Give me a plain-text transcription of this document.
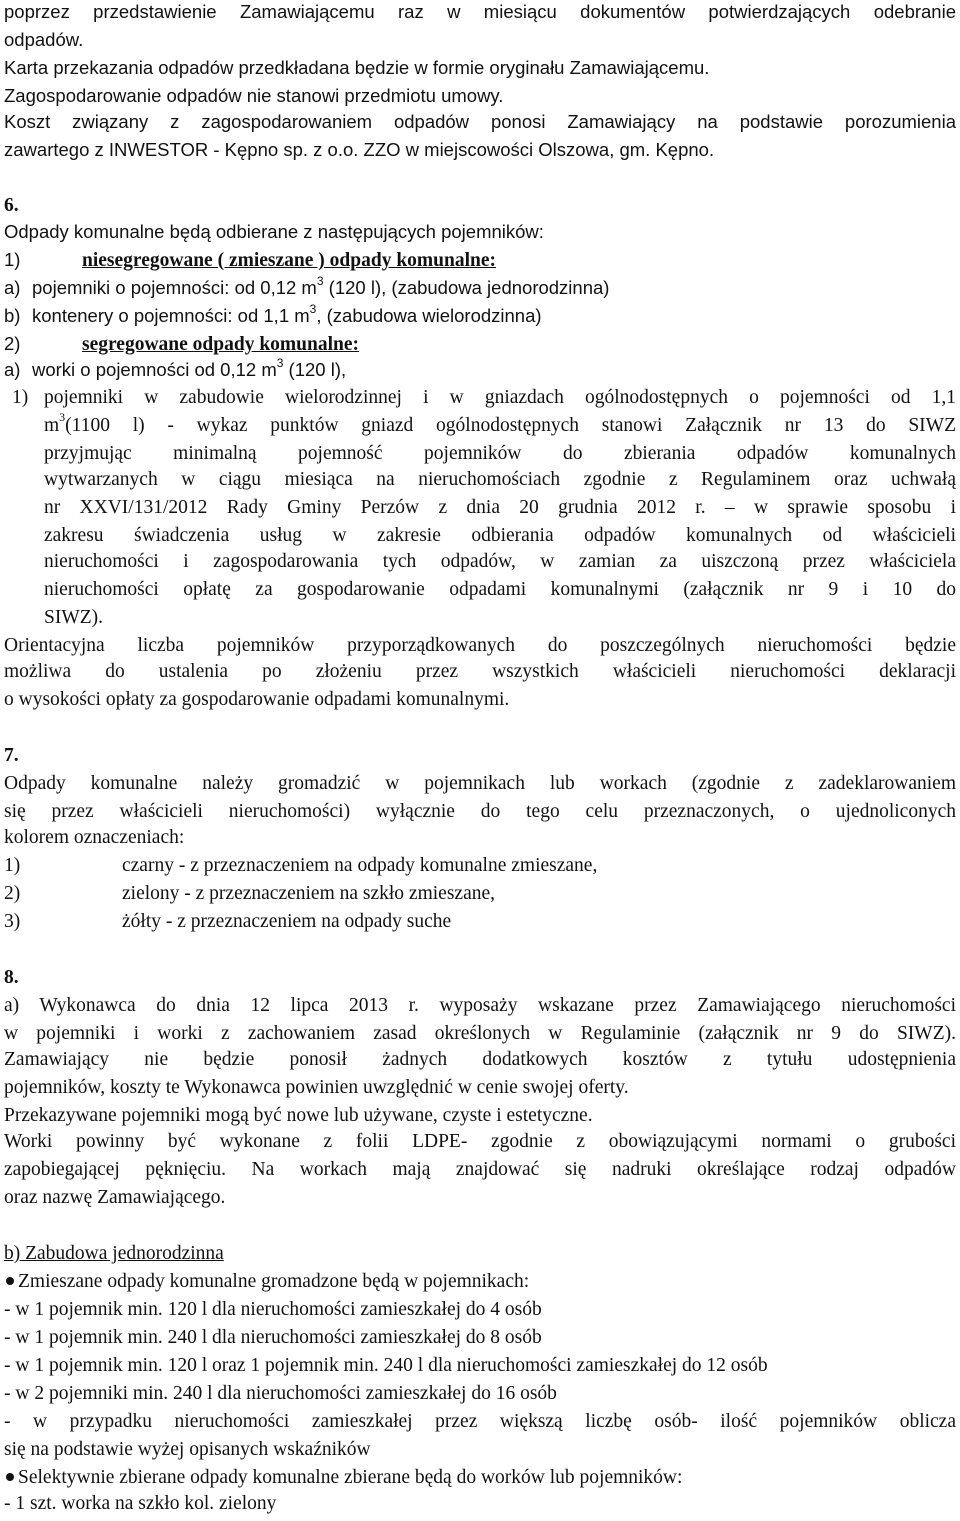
poprzez przedstawienie Zamawiającemu raz w miesiącu dokumentów potwierdzających odebranie
odpadów.
Karta przekazania odpadów przedkładana będzie w formie oryginału Zamawiającemu.
Zagospodarowanie odpadów nie stanowi przedmiotu umowy.
Koszt związany z zagospodarowaniem odpadów ponosi Zamawiający na podstawie porozumienia
zawartego z INWESTOR - Kępno sp. z o.o. ZZO w miejscowości Olszowa, gm. Kępno.
6.
Odpady komunalne będą odbierane z następujących pojemników:
1)	niesegregowane ( zmieszane ) odpady komunalne:
a) pojemniki o pojemności: od 0,12 $m^3$ (120 l), (zabudowa jednorodzinna)
b) kontenery o pojemności: od 1,1 $m^3$, (zabudowa wielorodzinna)
2)	segregowane odpady komunalne:
a) worki o pojemności od 0,12 $m^3$ (120 l),
1) pojemniki w zabudowie wielorodzinnej i w gniazdach ogólnodostępnych o pojemności od 1,1
m 3 (1100 l) - wykaz punktów gniazd ogólnodostępnych stanowi Załącznik nr 13 do SIWZ
przyjmując minimalną pojemność pojemników do zbierania odpadów komunalnych
wytwarzanych w ciągu miesiąca na nieruchomościach zgodnie z Regulaminem oraz uchwałą
nr XXVI/131/2012 Rady Gminy Perzów z dnia 20 grudnia 2012 r. – w sprawie sposobu i
zakresu świadczenia usług w zakresie odbierania odpadów komunalnych od właścicieli
nieruchomości i zagospodarowania tych odpadów, w zamian za uiszczoną przez właściciela
nieruchomości opłatę za gospodarowanie odpadami komunalnymi (załącznik nr 9 i 10 do
SIWZ).
Orientacyjna liczba pojemników przyporządkowanych do poszczególnych nieruchomości będzie
możliwa do ustalenia po złożeniu przez wszystkich właścicieli nieruchomości deklaracji
o wysokości opłaty za gospodarowanie odpadami komunalnymi.
7.
Odpady komunalne należy gromadzić w pojemnikach lub workach (zgodnie z zadeklarowaniem
się przez właścicieli nieruchomości) wyłącznie do tego celu przeznaczonych, o ujednoliconych
kolorem oznaczeniach:
1)	czarny - z przeznaczeniem na odpady komunalne zmieszane,
2)	zielony - z przeznaczeniem na szkło zmieszane,
3)	żółty - z przeznaczeniem na odpady suche
8.
a) Wykonawca do dnia 12 lipca 2013 r. wyposaży wskazane przez Zamawiającego nieruchomości
w pojemniki i worki z zachowaniem zasad określonych w Regulaminie (załącznik nr 9 do SIWZ).
Zamawiający nie będzie ponosił żadnych dodatkowych kosztów z tytułu udostępnienia
pojemników, koszty te Wykonawca powinien uwzględnić w cenie swojej oferty.
Przekazywane pojemniki mogą być nowe lub używane, czyste i estetyczne.
Worki powinny być wykonane z folii LDPE- zgodnie z obowiązującymi normami o grubości
zapobiegającej pęknięciu. Na workach mają znajdować się nadruki określające rodzaj odpadów
oraz nazwę Zamawiającego.
b) Zabudowa jednorodzinna
Zmieszane odpady komunalne gromadzone będą w pojemnikach:
- w 1 pojemnik min. 120 l dla nieruchomości zamieszkałej do 4 osób
- w 1 pojemnik min. 240 l dla nieruchomości zamieszkałej do 8 osób
- w 1 pojemnik min. 120 l oraz 1 pojemnik min. 240 l dla nieruchomości zamieszkałej do 12 osób
- w 2 pojemniki min. 240 l dla nieruchomości zamieszkałej do 16 osób
- w przypadku nieruchomości zamieszkałej przez większą liczbę osób- ilość pojemników oblicza
się na podstawie wyżej opisanych wskaźników
Selektywnie zbierane odpady komunalne zbierane będą do worków lub pojemników:
- 1 szt. worka na szkło kol. zielony
